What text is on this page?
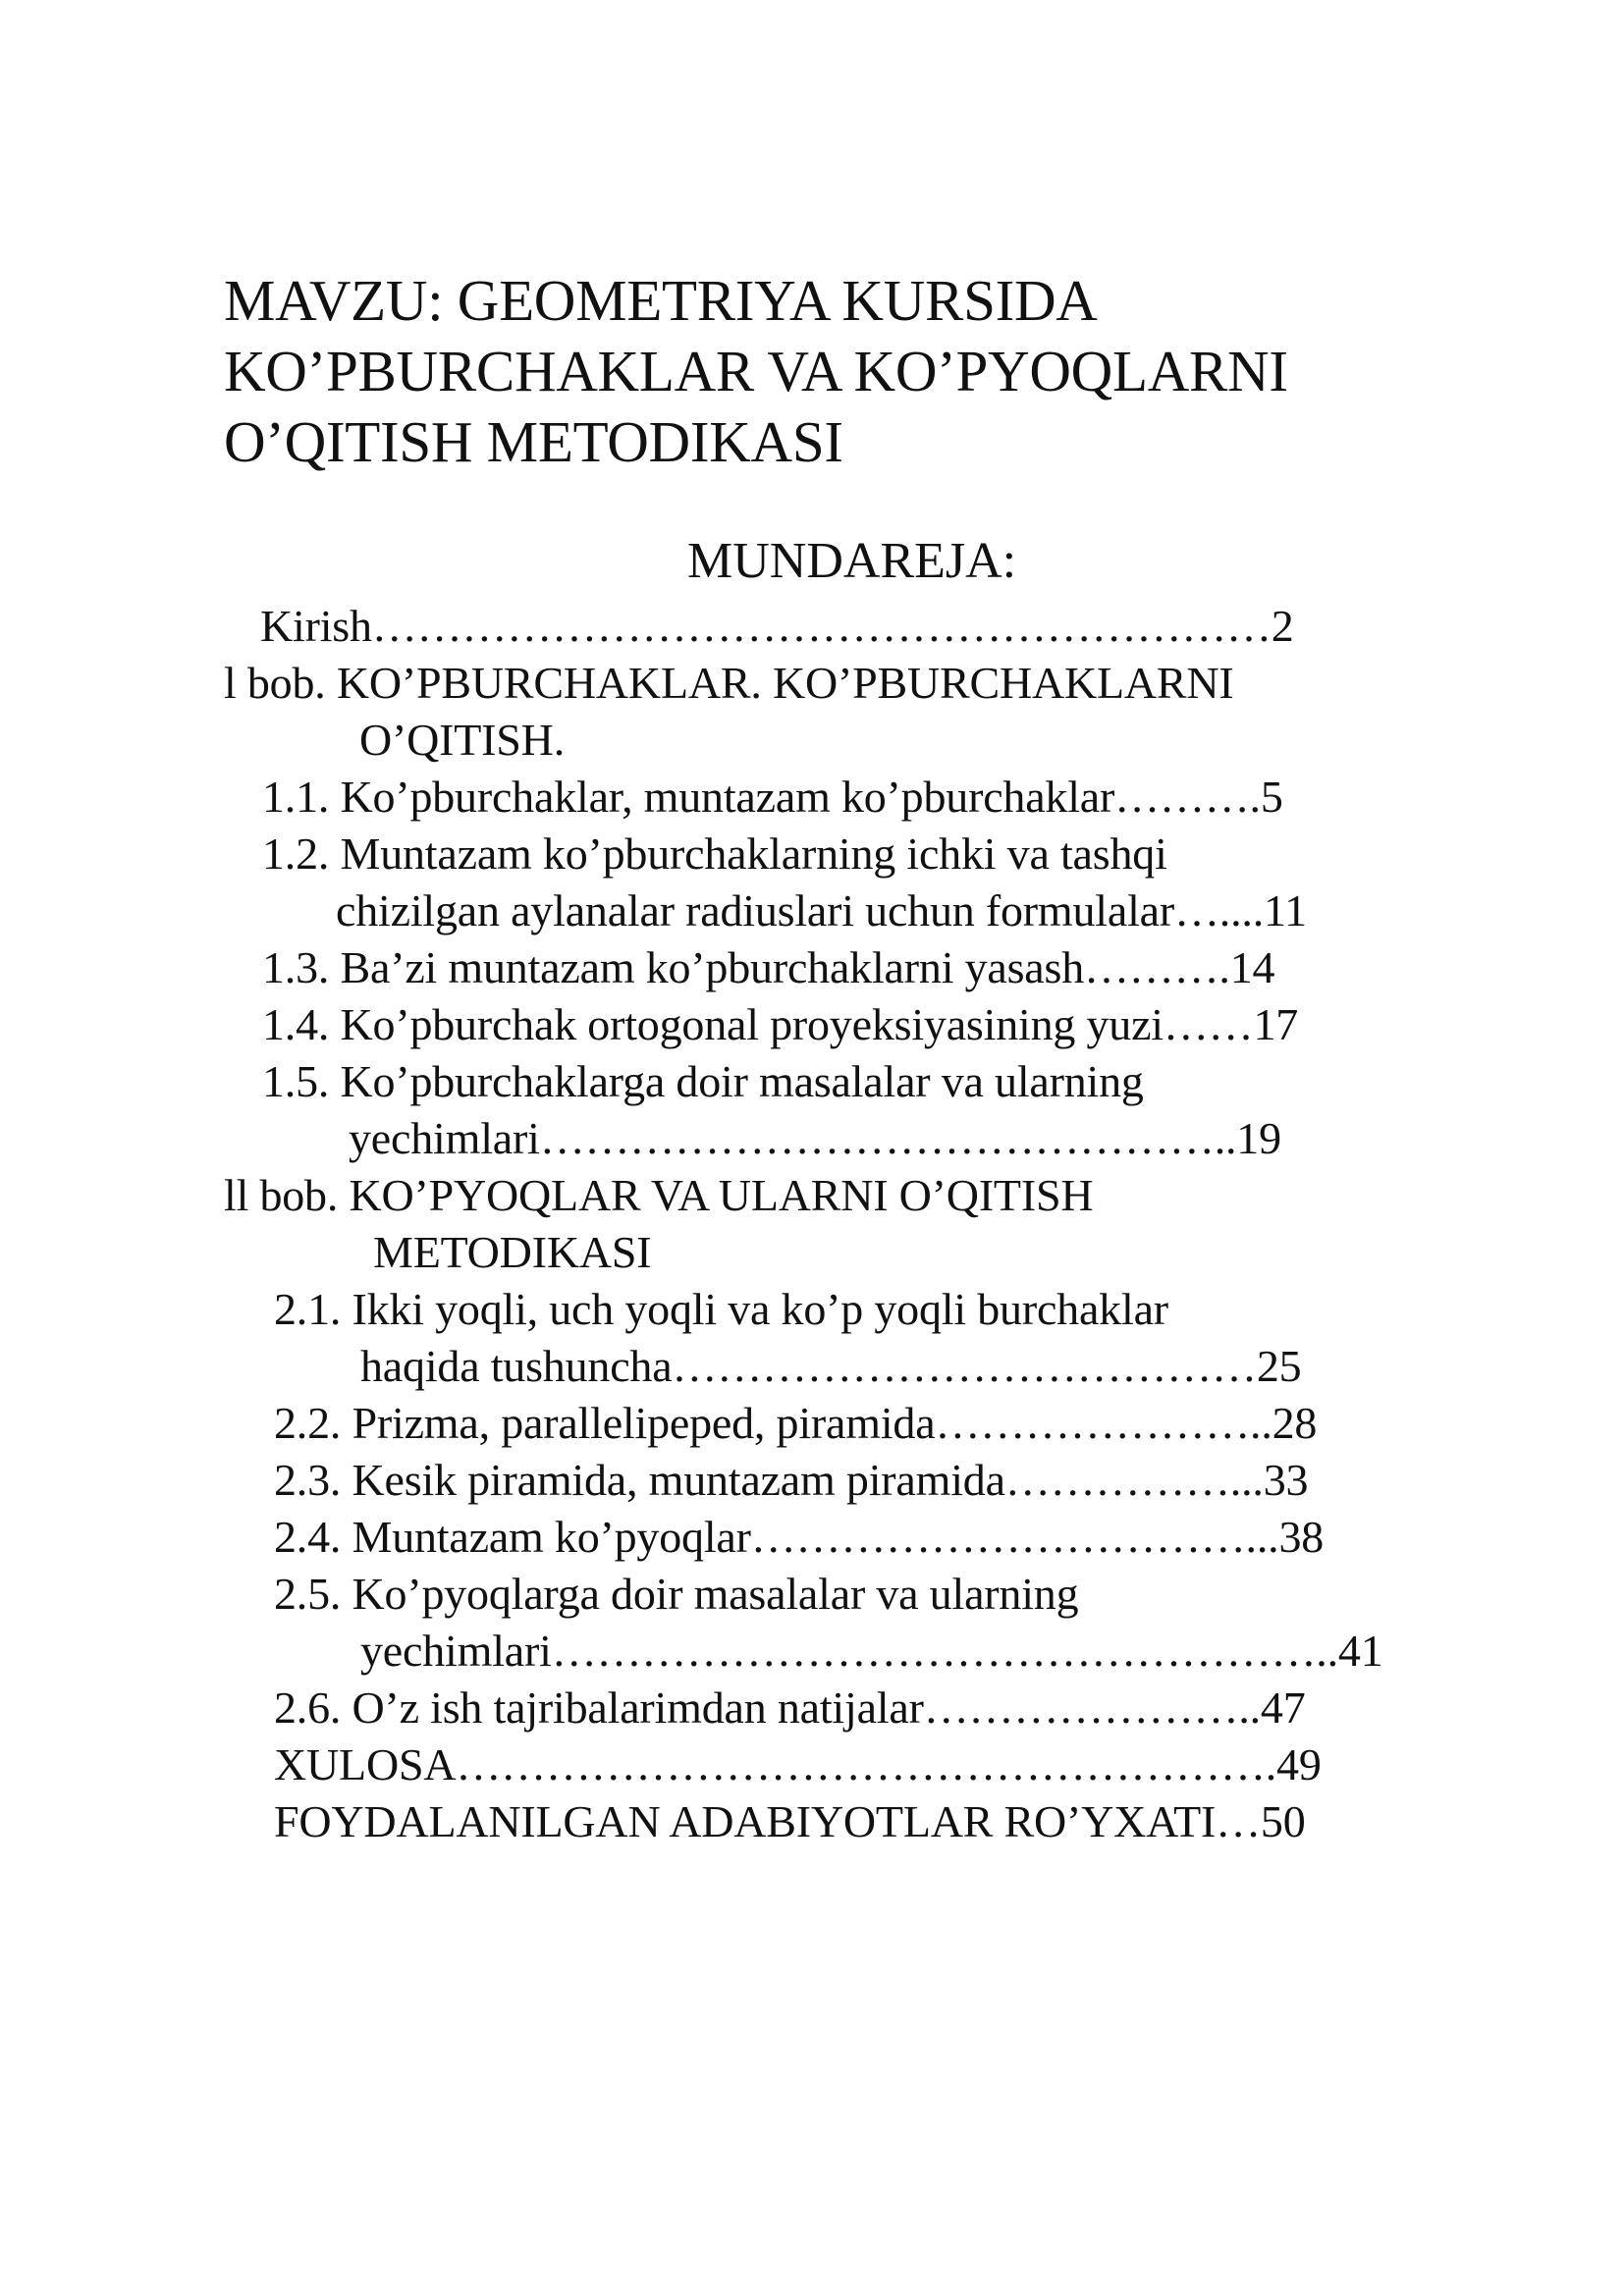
MAVZU: GEOMETRIYA KURSIDA
KO’PBURCHAKLAR VA KO’PYOQLARNI
O’QITISH METODIKASI
MUNDAREJA:

Kirish……………………………………………………2

l bob. KO’PBURCHAKLAR. KO’PBURCHAKLARNI

O’QITISH.

1.1. Ko’pburchaklar, muntazam ko’pburchaklar……….5

1.2. Muntazam ko’pburchaklarning ichki va tashqi

chizilgan aylanalar radiuslari uchun formulalar…....11

1.3. Ba’zi muntazam ko’pburchaklarni yasash……….14

1.4. Ko’pburchak ortogonal proyeksiyasining yuzi……17

1.5. Ko’pburchaklarga doir masalalar va ularning

yechimlari………………………………………..19

ll bob. KO’PYOQLAR VA ULARNI O’QITISH

METODIKASI

2.1. Ikki yoqli, uch yoqli va ko’p yoqli burchaklar

haqida tushuncha…………………………………25

2.2. Prizma, parallelipeped, piramida…………………..28

2.3. Kesik piramida, muntazam piramida……………...33

2.4. Muntazam ko’pyoqlar……………………………...38

2.5. Ko’pyoqlarga doir masalalar va ularning

yechimlari……………………………………………..41

2.6. O’z ish tajribalarimdan natijalar…………………..47

XULOSA……………………………………………….49

FOYDALANILGAN ADABIYOTLAR RO’YXATI…50
